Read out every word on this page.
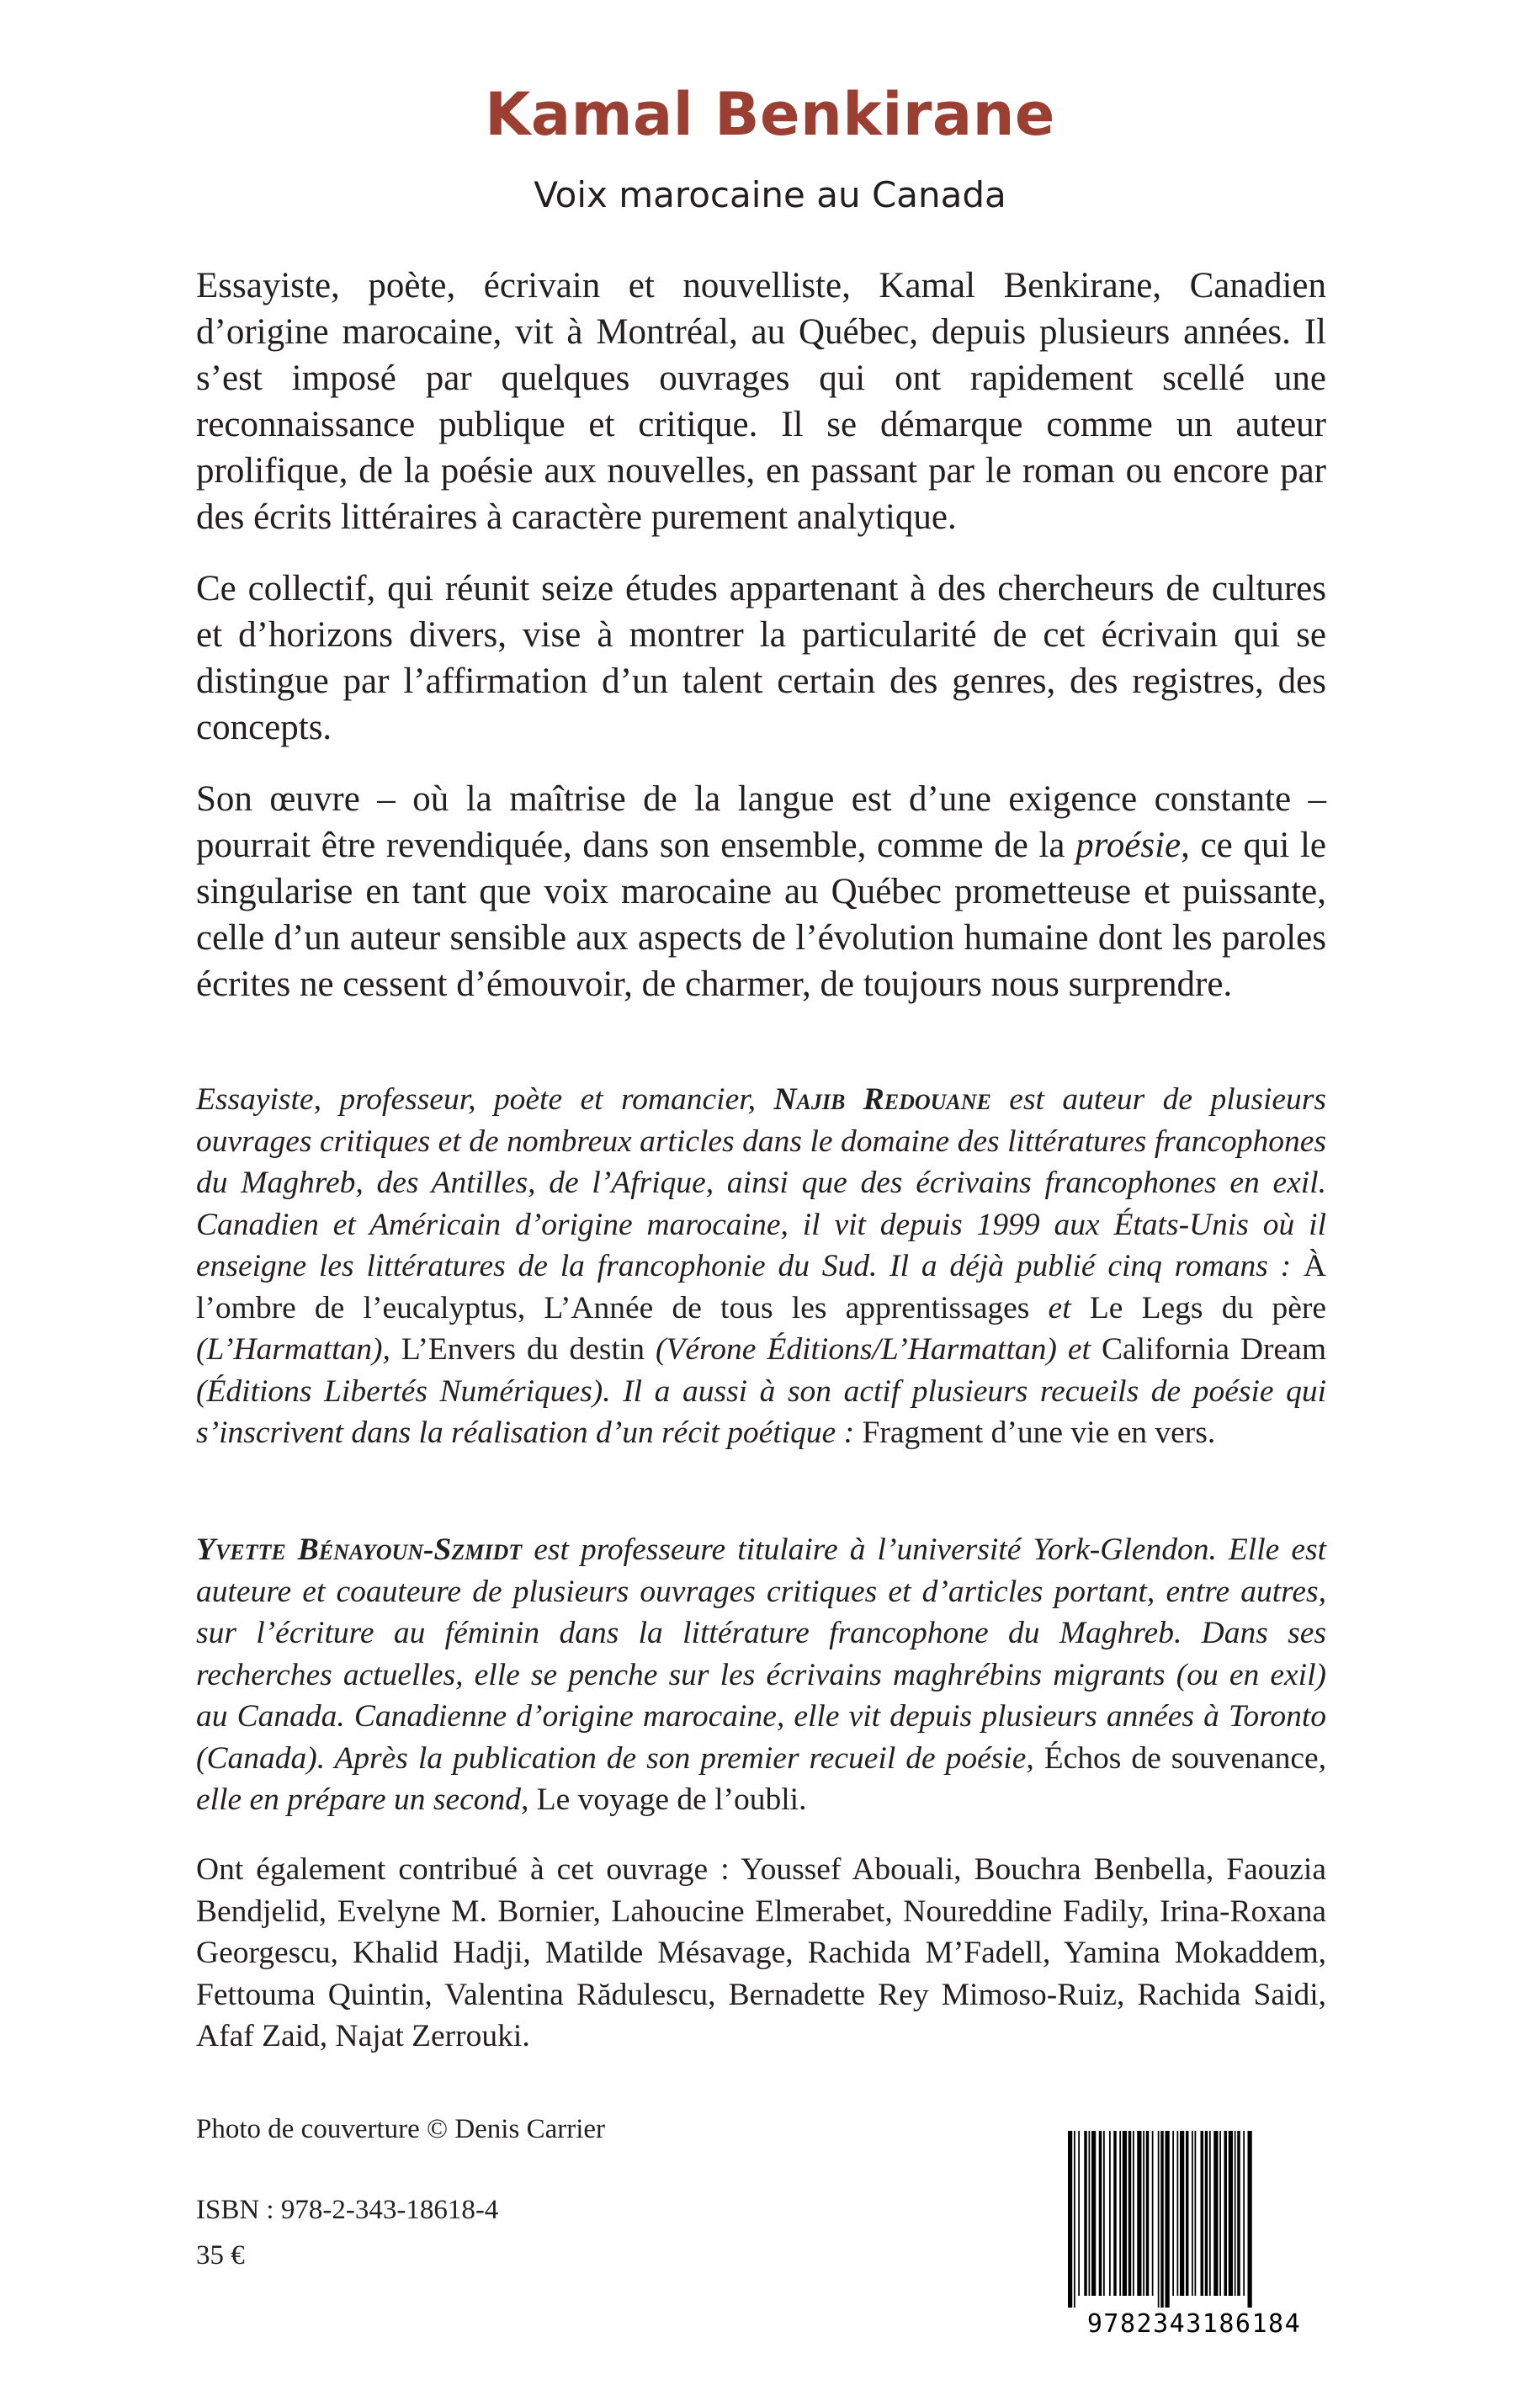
Kamal Benkirane
Voix marocaine au Canada

Essayiste, poète, écrivain et nouvelliste, Kamal Benkirane, Canadien d’origine marocaine, vit à Montréal, au Québec, depuis plusieurs années. Il s’est imposé par quelques ouvrages qui ont rapidement scellé une reconnaissance publique et critique. Il se démarque comme un auteur prolifique, de la poésie aux nouvelles, en passant par le roman ou encore par des écrits littéraires à caractère purement analytique.

Ce collectif, qui réunit seize études appartenant à des chercheurs de cultures et d’horizons divers, vise à montrer la particularité de cet écrivain qui se distingue par l’affirmation d’un talent certain des genres, des registres, des concepts.

Son œuvre – où la maîtrise de la langue est d’une exigence constante – pourrait être revendiquée, dans son ensemble, comme de la proésie, ce qui le singularise en tant que voix marocaine au Québec prometteuse et puissante, celle d’un auteur sensible aux aspects de l’évolution humaine dont les paroles écrites ne cessent d’émouvoir, de charmer, de toujours nous surprendre.

Essayiste, professeur, poète et romancier, Najib Redouane est auteur de plusieurs ouvrages critiques et de nombreux articles dans le domaine des littératures francophones du Maghreb, des Antilles, de l’Afrique, ainsi que des écrivains francophones en exil. Canadien et Américain d’origine marocaine, il vit depuis 1999 aux États-Unis où il enseigne les littératures de la francophonie du Sud. Il a déjà publié cinq romans : À l’ombre de l’eucalyptus, L’Année de tous les apprentissages et Le Legs du père (L’Harmattan), L’Envers du destin (Vérone Éditions/L’Harmattan) et California Dream (Éditions Libertés Numériques). Il a aussi à son actif plusieurs recueils de poésie qui s’inscrivent dans la réalisation d’un récit poétique : Fragment d’une vie en vers.

Yvette Bénayoun-Szmidt est professeure titulaire à l’université York-Glendon. Elle est auteure et coauteure de plusieurs ouvrages critiques et d’articles portant, entre autres, sur l’écriture au féminin dans la littérature francophone du Maghreb. Dans ses recherches actuelles, elle se penche sur les écrivains maghrébins migrants (ou en exil) au Canada. Canadienne d’origine marocaine, elle vit depuis plusieurs années à Toronto (Canada). Après la publication de son premier recueil de poésie, Échos de souvenance, elle en prépare un second, Le voyage de l’oubli.

Ont également contribué à cet ouvrage : Youssef Abouali, Bouchra Benbella, Faouzia Bendjelid, Evelyne M. Bornier, Lahoucine Elmerabet, Noureddine Fadily, Irina-Roxana Georgescu, Khalid Hadji, Matilde Mésavage, Rachida M’Fadell, Yamina Mokaddem, Fettouma Quintin, Valentina Rădulescu, Bernadette Rey Mimoso-Ruiz, Rachida Saidi, Afaf Zaid, Najat Zerrouki.

Photo de couverture © Denis Carrier
ISBN : 978-2-343-18618-4
35 €
9782343186184
